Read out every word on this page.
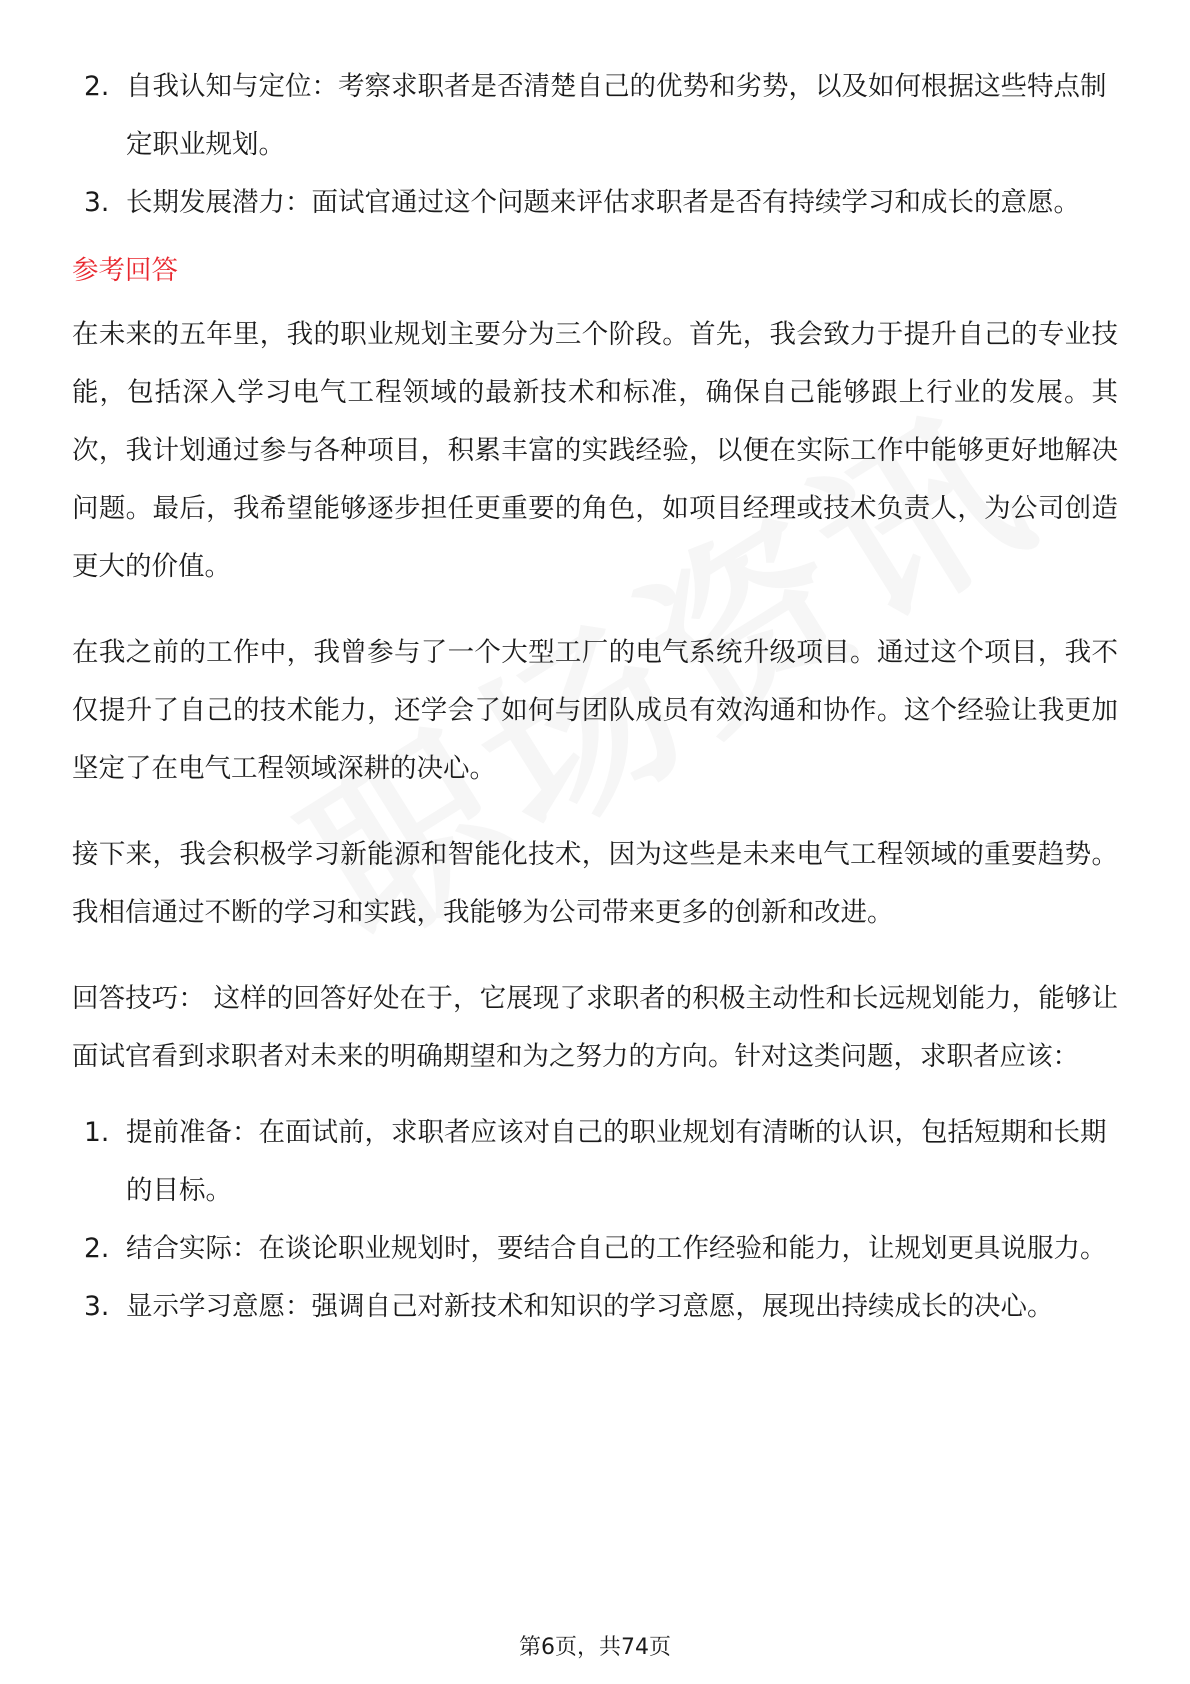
2. 自我认知与定位：考察求职者是否清楚自己的优势和劣势，以及如何根据这些特点制定职业规划。
3. 长期发展潜力：面试官通过这个问题来评估求职者是否有持续学习和成长的意愿。
参考回答

在未来的五年里，我的职业规划主要分为三个阶段。首先，我会致力于提升自己的专业技能，包括深入学习电气工程领域的最新技术和标准，确保自己能够跟上行业的发展。其次，我计划通过参与各种项目，积累丰富的实践经验，以便在实际工作中能够更好地解决问题。最后，我希望能够逐步担任更重要的角色，如项目经理或技术负责人，为公司创造更大的价值。

在我之前的工作中，我曾参与了一个大型工厂的电气系统升级项目。通过这个项目，我不仅提升了自己的技术能力，还学会了如何与团队成员有效沟通和协作。这个经验让我更加坚定了在电气工程领域深耕的决心。

接下来，我会积极学习新能源和智能化技术，因为这些是未来电气工程领域的重要趋势。我相信通过不断的学习和实践，我能够为公司带来更多的创新和改进。

回答技巧： 这样的回答好处在于，它展现了求职者的积极主动性和长远规划能力，能够让面试官看到求职者对未来的明确期望和为之努力的方向。针对这类问题，求职者应该：

1. 提前准备：在面试前，求职者应该对自己的职业规划有清晰的认识，包括短期和长期的目标。
2. 结合实际：在谈论职业规划时，要结合自己的工作经验和能力，让规划更具说服力。
3. 显示学习意愿：强调自己对新技术和知识的学习意愿，展现出持续成长的决心。
第6页，共74页
